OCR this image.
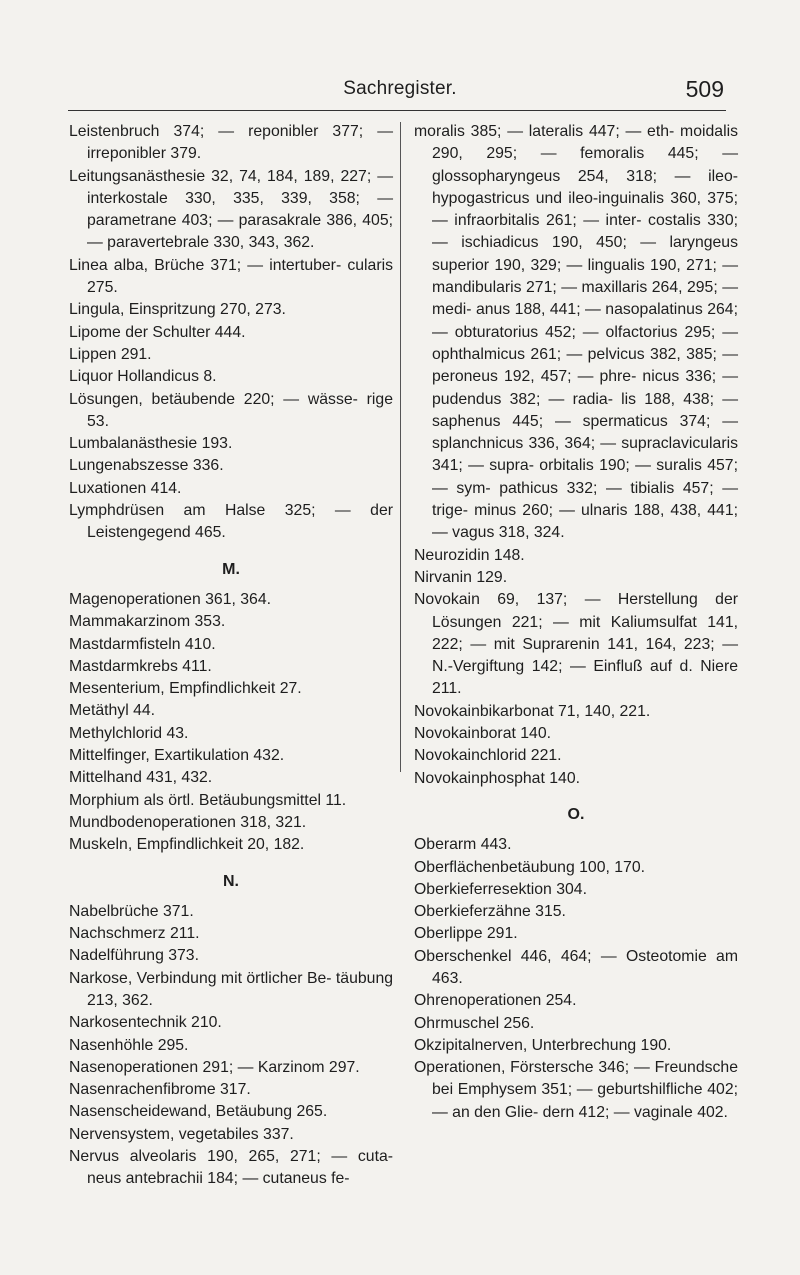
Sachregister.	509

Leistenbruch 374; — reponibler 377; — irreponibler 379.

Leitungsanästhesie 32, 74, 184, 189, 227; — interkostale 330, 335, 339, 358; — parametrane 403; — parasakrale 386, 405; — paravertebrale 330, 343, 362.

Linea alba, Brüche 371; — intertuber- cularis 275.

Lingula, Einspritzung 270, 273.

Lipome der Schulter 444.

Lippen 291.

Liquor Hollandicus 8.

Lösungen, betäubende 220; — wässe- rige 53.

Lumbalanästhesie 193.

Lungenabszesse 336.

Luxationen 414.

Lymphdrüsen am Halse 325; — der Leistengegend 465.

M.

Magenoperationen 361, 364.

Mammakarzinom 353.

Mastdarmfisteln 410.

Mastdarmkrebs 411.

Mesenterium, Empfindlichkeit 27.

Metäthyl 44.

Methylchlorid 43.

Mittelfinger, Exartikulation 432.

Mittelhand 431, 432.

Morphium als örtl. Betäubungsmittel 11.

Mundbodenoperationen 318, 321.

Muskeln, Empfindlichkeit 20, 182.

N.

Nabelbrüche 371.

Nachschmerz 211.

Nadelführung 373.

Narkose, Verbindung mit örtlicher Be- täubung 213, 362.

Narkosentechnik 210.

Nasenhöhle 295.

Nasenoperationen 291; — Karzinom 297.

Nasenrachenfibrome 317.

Nasenscheidewand, Betäubung 265.

Nervensystem, vegetabiles 337.

Nervus alveolaris 190, 265, 271; — cuta- neus antebrachii 184; — cutaneus fe-

moralis 385; — lateralis 447; — eth- moidalis 290, 295; — femoralis 445; — glossopharyngeus 254, 318; — ileo- hypogastricus und ileo-inguinalis 360, 375; — infraorbitalis 261; — inter- costalis 330; — ischiadicus 190, 450; — laryngeus superior 190, 329; — lingualis 190, 271; — mandibularis 271; — maxillaris 264, 295; — medi- anus 188, 441; — nasopalatinus 264; — obturatorius 452; — olfactorius 295; — ophthalmicus 261; — pelvicus 382, 385; — peroneus 192, 457; — phre- nicus 336; — pudendus 382; — radia- lis 188, 438; — saphenus 445; — spermaticus 374; — splanchnicus 336, 364; — supraclavicularis 341; — supra- orbitalis 190; — suralis 457; — sym- pathicus 332; — tibialis 457; — trige- minus 260; — ulnaris 188, 438, 441; — vagus 318, 324.

Neurozidin 148.

Nirvanin 129.

Novokain 69, 137; — Herstellung der Lösungen 221; — mit Kaliumsulfat 141, 222; — mit Suprarenin 141, 164, 223; — N.-Vergiftung 142; — Einfluß auf d. Niere 211.

Novokainbikarbonat 71, 140, 221.

Novokainborat 140.

Novokainchlorid 221.

Novokainphosphat 140.

O.

Oberarm 443.

Oberflächenbetäubung 100, 170.

Oberkieferresektion 304.

Oberkieferzähne 315.

Oberlippe 291.

Oberschenkel 446, 464; — Osteotomie am 463.

Ohrenoperationen 254.

Ohrmuschel 256.

Okzipitalnerven, Unterbrechung 190.

Operationen, Förstersche 346; — Freundsche bei Emphysem 351; — geburtshilfliche 402; — an den Glie- dern 412; — vaginale 402.
